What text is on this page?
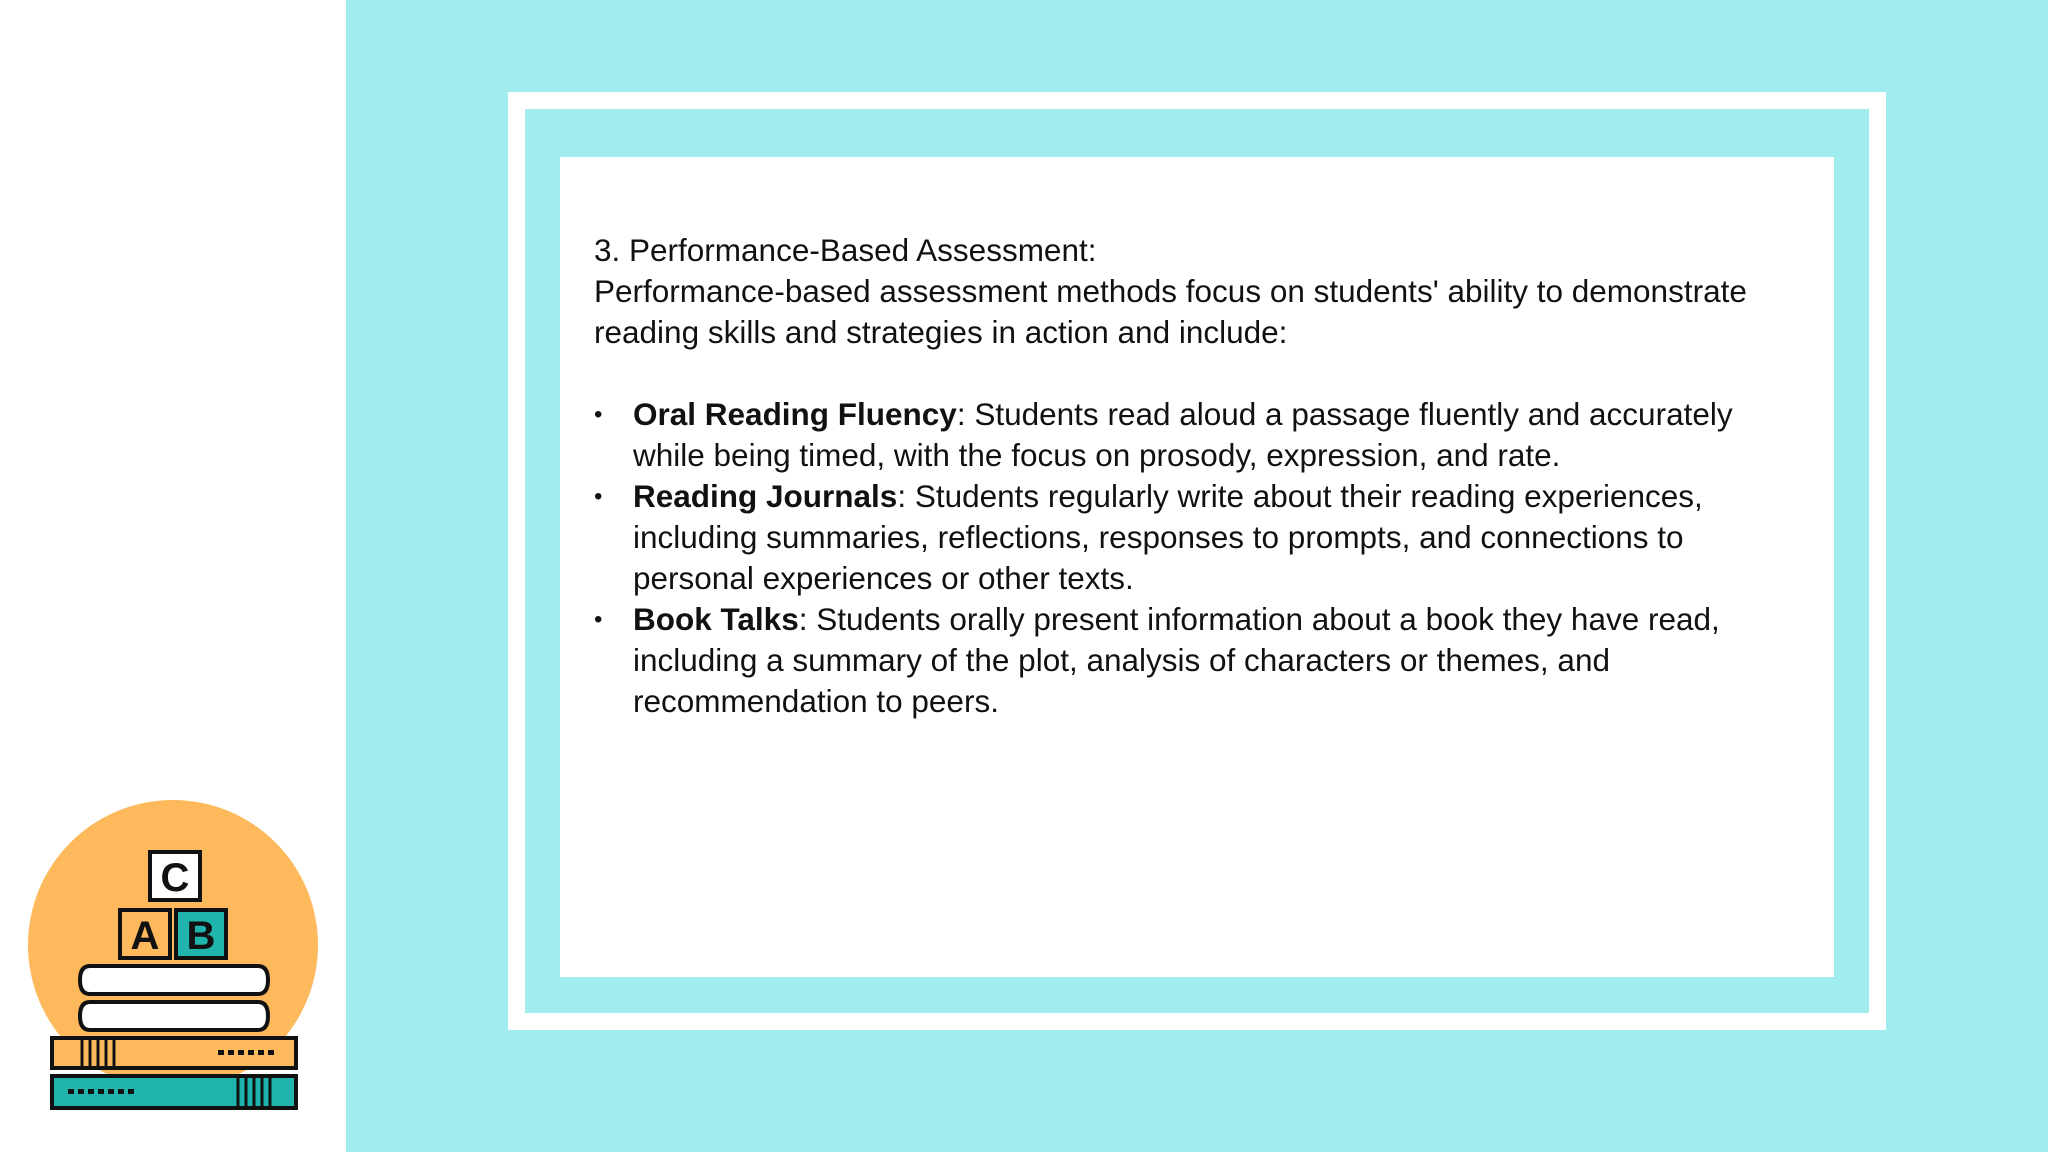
3. Performance-Based Assessment:

Performance-based assessment methods focus on students' ability to demonstrate reading skills and strategies in action and include:

• Oral Reading Fluency: Students read aloud a passage fluently and accurately while being timed, with the focus on prosody, expression, and rate.
• Reading Journals: Students regularly write about their reading experiences, including summaries, reflections, responses to prompts, and connections to personal experiences or other texts.
• Book Talks: Students orally present information about a book they have read, including a summary of the plot, analysis of characters or themes, and recommendation to peers.
C
A B
